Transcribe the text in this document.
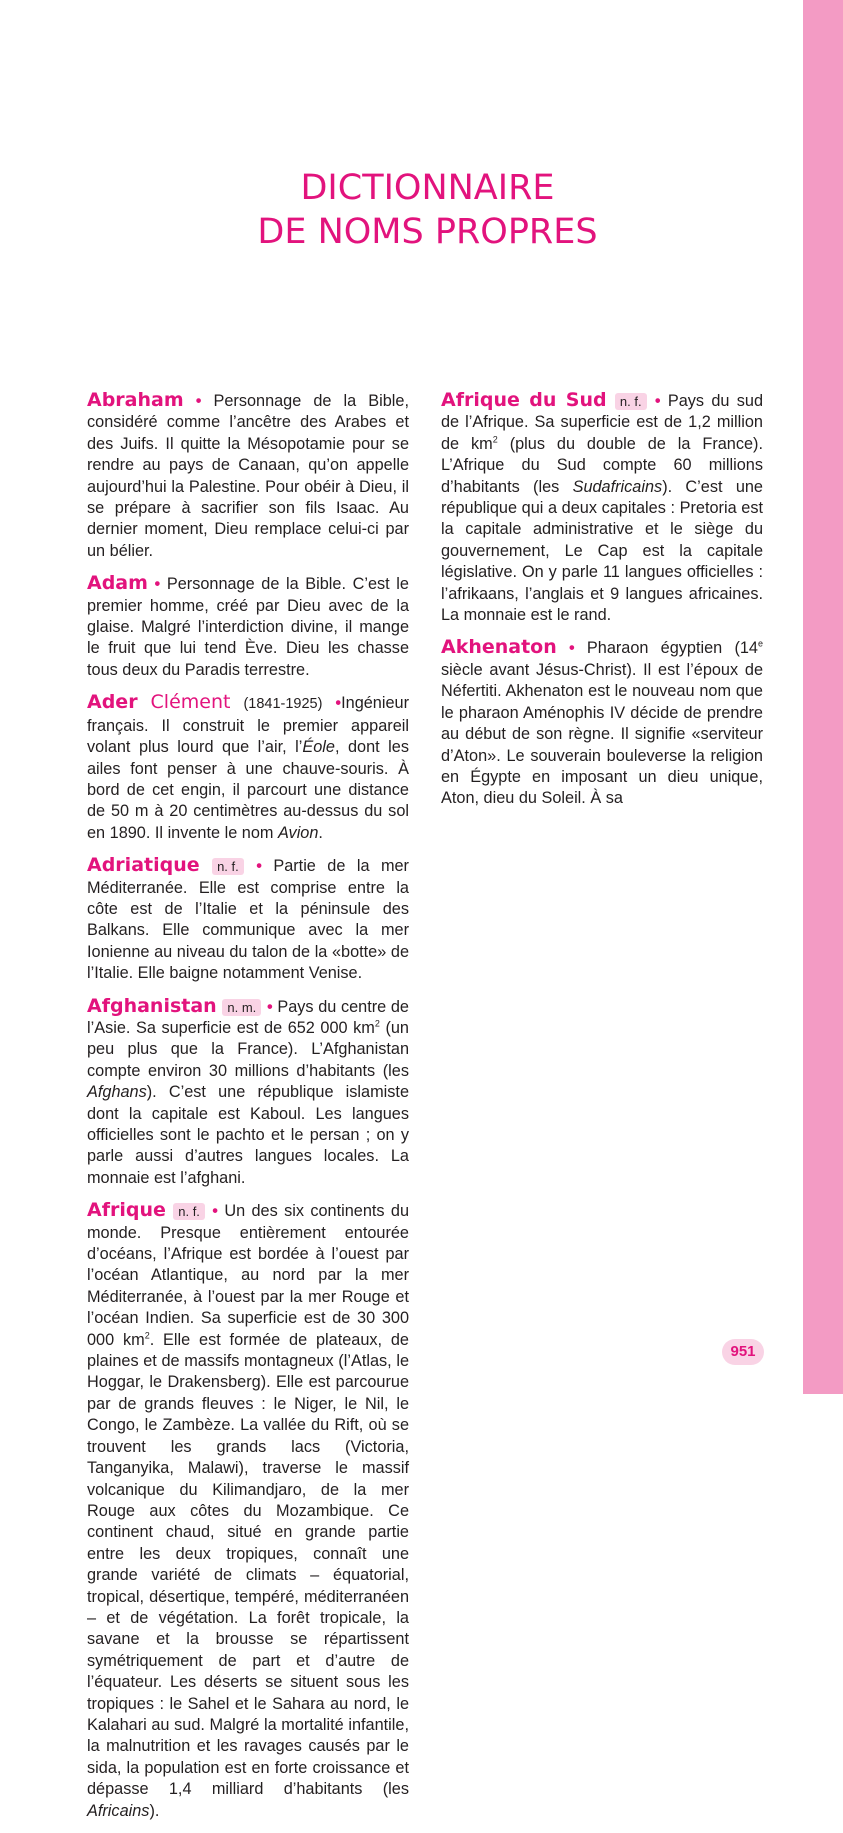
DICTIONNAIRE
DE NOMS PROPRES
Abraham • Personnage de la Bible, considéré comme l’ancêtre des Arabes et des Juifs. Il quitte la Mésopotamie pour se rendre au pays de Canaan, qu’on appelle aujourd’hui la Palestine. Pour obéir à Dieu, il se prépare à sacrifier son fils Isaac. Au dernier moment, Dieu remplace celui-ci par un bélier.
Adam • Personnage de la Bible. C’est le premier homme, créé par Dieu avec de la glaise. Malgré l’interdiction divine, il mange le fruit que lui tend Ève. Dieu les chasse tous deux du Paradis terrestre.
Ader Clément (1841-1925) •Ingénieur français. Il construit le premier appareil volant plus lourd que l’air, l’Éole, dont les ailes font penser à une chauve-souris. À bord de cet engin, il parcourt une distance de 50 m à 20 centimètres au-dessus du sol en 1890. Il invente le nom Avion.
Adriatique n. f. • Partie de la mer Méditerranée. Elle est comprise entre la côte est de l’Italie et la péninsule des Balkans. Elle communique avec la mer Ionienne au niveau du talon de la «botte» de l’Italie. Elle baigne notamment Venise.
Afghanistan n. m. • Pays du centre de l’Asie. Sa superficie est de 652 000 $km^2$ (un peu plus que la France). L’Afghanistan compte environ 30 millions d’habitants (les Afghans). C’est une république islamiste dont la capitale est Kaboul. Les langues officielles sont le pachto et le persan ; on y parle aussi d’autres langues locales. La monnaie est l’afghani.
Afrique n. f. • Un des six continents du monde. Presque entièrement entourée d’océans, l’Afrique est bordée à l’ouest par l’océan Atlantique, au nord par la mer Méditerranée, à l’ouest par la mer Rouge et l’océan Indien. Sa superficie est de 30 300 000 $km^2$. Elle est formée de plateaux, de plaines et de massifs montagneux (l’Atlas, le Hoggar, le Drakensberg). Elle est parcourue par de grands fleuves : le Niger, le Nil, le Congo, le Zambèze. La vallée du Rift, où se trouvent les grands lacs (Victoria, Tanganyika, Malawi), traverse le massif volcanique du Kilimandjaro, de la mer Rouge aux côtes du Mozambique. Ce continent chaud, situé en grande partie entre les deux tropiques, connaît une grande variété de climats – équatorial, tropical, désertique, tempéré, méditerranéen – et de végétation. La forêt tropicale, la savane et la brousse se répartissent symétriquement de part et d’autre de l’équateur. Les déserts se situent sous les tropiques : le Sahel et le Sahara au nord, le Kalahari au sud. Malgré la mortalité infantile, la malnutrition et les ravages causés par le sida, la population est en forte croissance et dépasse 1,4 milliard d’habitants (les Africains).
Afrique du Sud n. f. • Pays du sud de l’Afrique. Sa superficie est de 1,2 million de $km^2$ (plus du double de la France). L’Afrique du Sud compte 60 millions d’habitants (les Sudafricains). C’est une république qui a deux capitales : Pretoria est la capitale administrative et le siège du gouvernement, Le Cap est la capitale législative. On y parle 11 langues officielles : l’afrikaans, l’anglais et 9 langues africaines. La monnaie est le rand.
Akhenaton • Pharaon égyptien (14e siècle avant Jésus-Christ). Il est l’époux de Néfertiti. Akhenaton est le nouveau nom que le pharaon Aménophis IV décide de prendre au début de son règne. Il signifie «serviteur d’Aton». Le souverain bouleverse la religion en Égypte en imposant un dieu unique, Aton, dieu du Soleil. À sa
951
